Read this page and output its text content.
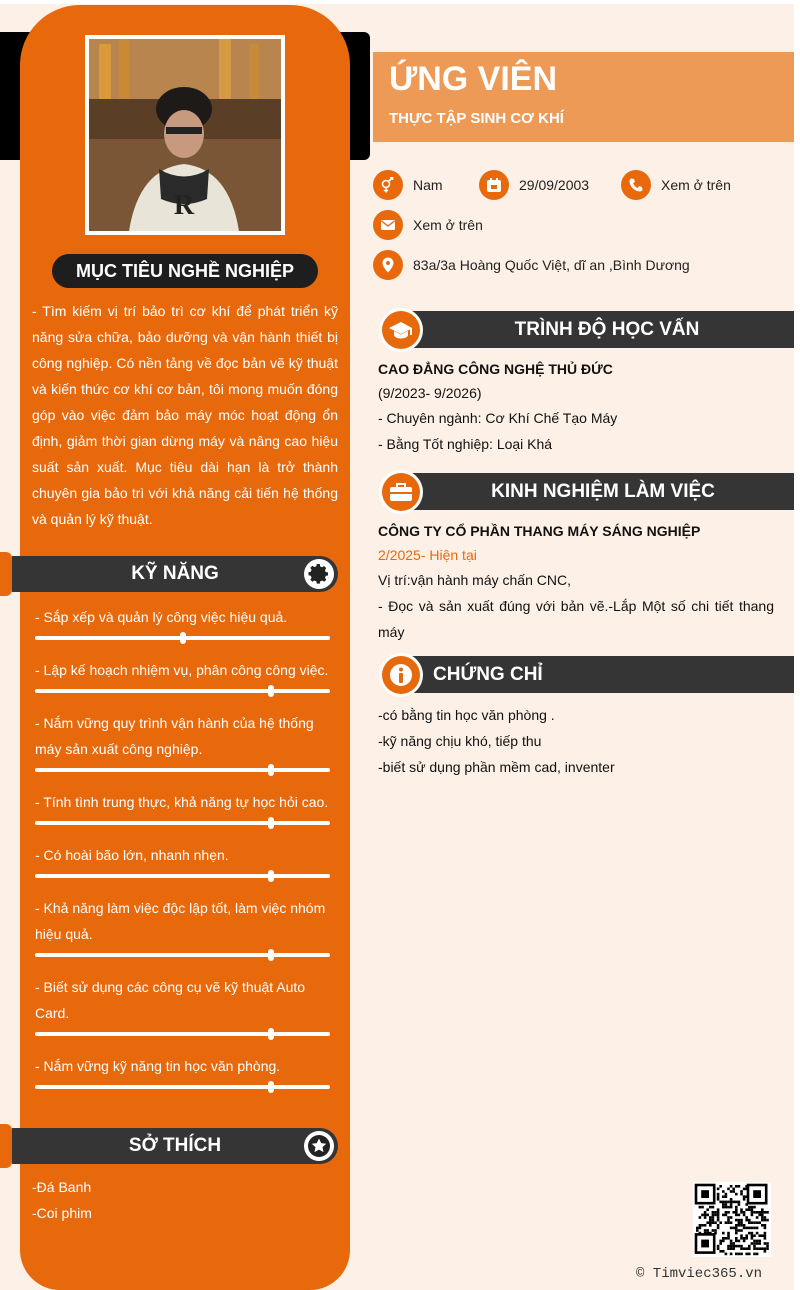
R
MỤC TIÊU NGHỀ NGHIỆP
- Tìm kiếm vị trí bảo trì cơ khí để phát triển kỹ năng sửa chữa, bảo dưỡng và vận hành thiết bị công nghiệp. Có nền tảng về đọc bản vẽ kỹ thuật và kiến thức cơ khí cơ bản, tôi mong muốn đóng góp vào việc đảm bảo máy móc hoạt động ổn định, giảm thời gian dừng máy và nâng cao hiệu suất sản xuất. Mục tiêu dài hạn là trở thành chuyên gia bảo trì với khả năng cải tiến hệ thống và quản lý kỹ thuật.
KỸ NĂNG
- Sắp xếp và quản lý công việc hiệu quả.
- Lập kế hoạch nhiệm vụ, phân công công việc.
- Nắm vững quy trình vận hành của hệ thống máy sản xuất công nghiệp.
- Tính tình trung thực, khả năng tự học hỏi cao.
- Có hoài bão lớn, nhanh nhẹn.
- Khả năng làm việc độc lập tốt, làm việc nhóm hiệu quả.
- Biết sử dụng các công cụ vẽ kỹ thuật Auto Card.
- Nắm vững kỹ năng tin học văn phòng.
SỞ THÍCH
-Đá Banh
-Coi phim
ỨNG VIÊN
THỰC TẬP SINH CƠ KHÍ
Nam	29/09/2003	Xem ở trên
Xem ở trên
83a/3a Hoàng Quốc Việt, dĩ an ,Bình Dương
TRÌNH ĐỘ HỌC VẤN
CAO ĐẲNG CÔNG NGHỆ THỦ ĐỨC
(9/2023- 9/2026)
- Chuyên ngành: Cơ Khí Chế Tạo Máy
- Bằng Tốt nghiệp: Loại Khá
KINH NGHIỆM LÀM VIỆC
CÔNG TY CỔ PHẦN THANG MÁY SÁNG NGHIỆP
2/2025- Hiện tại
Vị trí:vận hành máy chấn CNC,
- Đọc và sản xuất đúng với bản vẽ.-Lắp Một số chi tiết thang máy
CHỨNG CHỈ
-có bằng tin học văn phòng .
-kỹ năng chịu khó, tiếp thu
-biết sử dụng phần mềm cad, inventer
© Timviec365.vn
